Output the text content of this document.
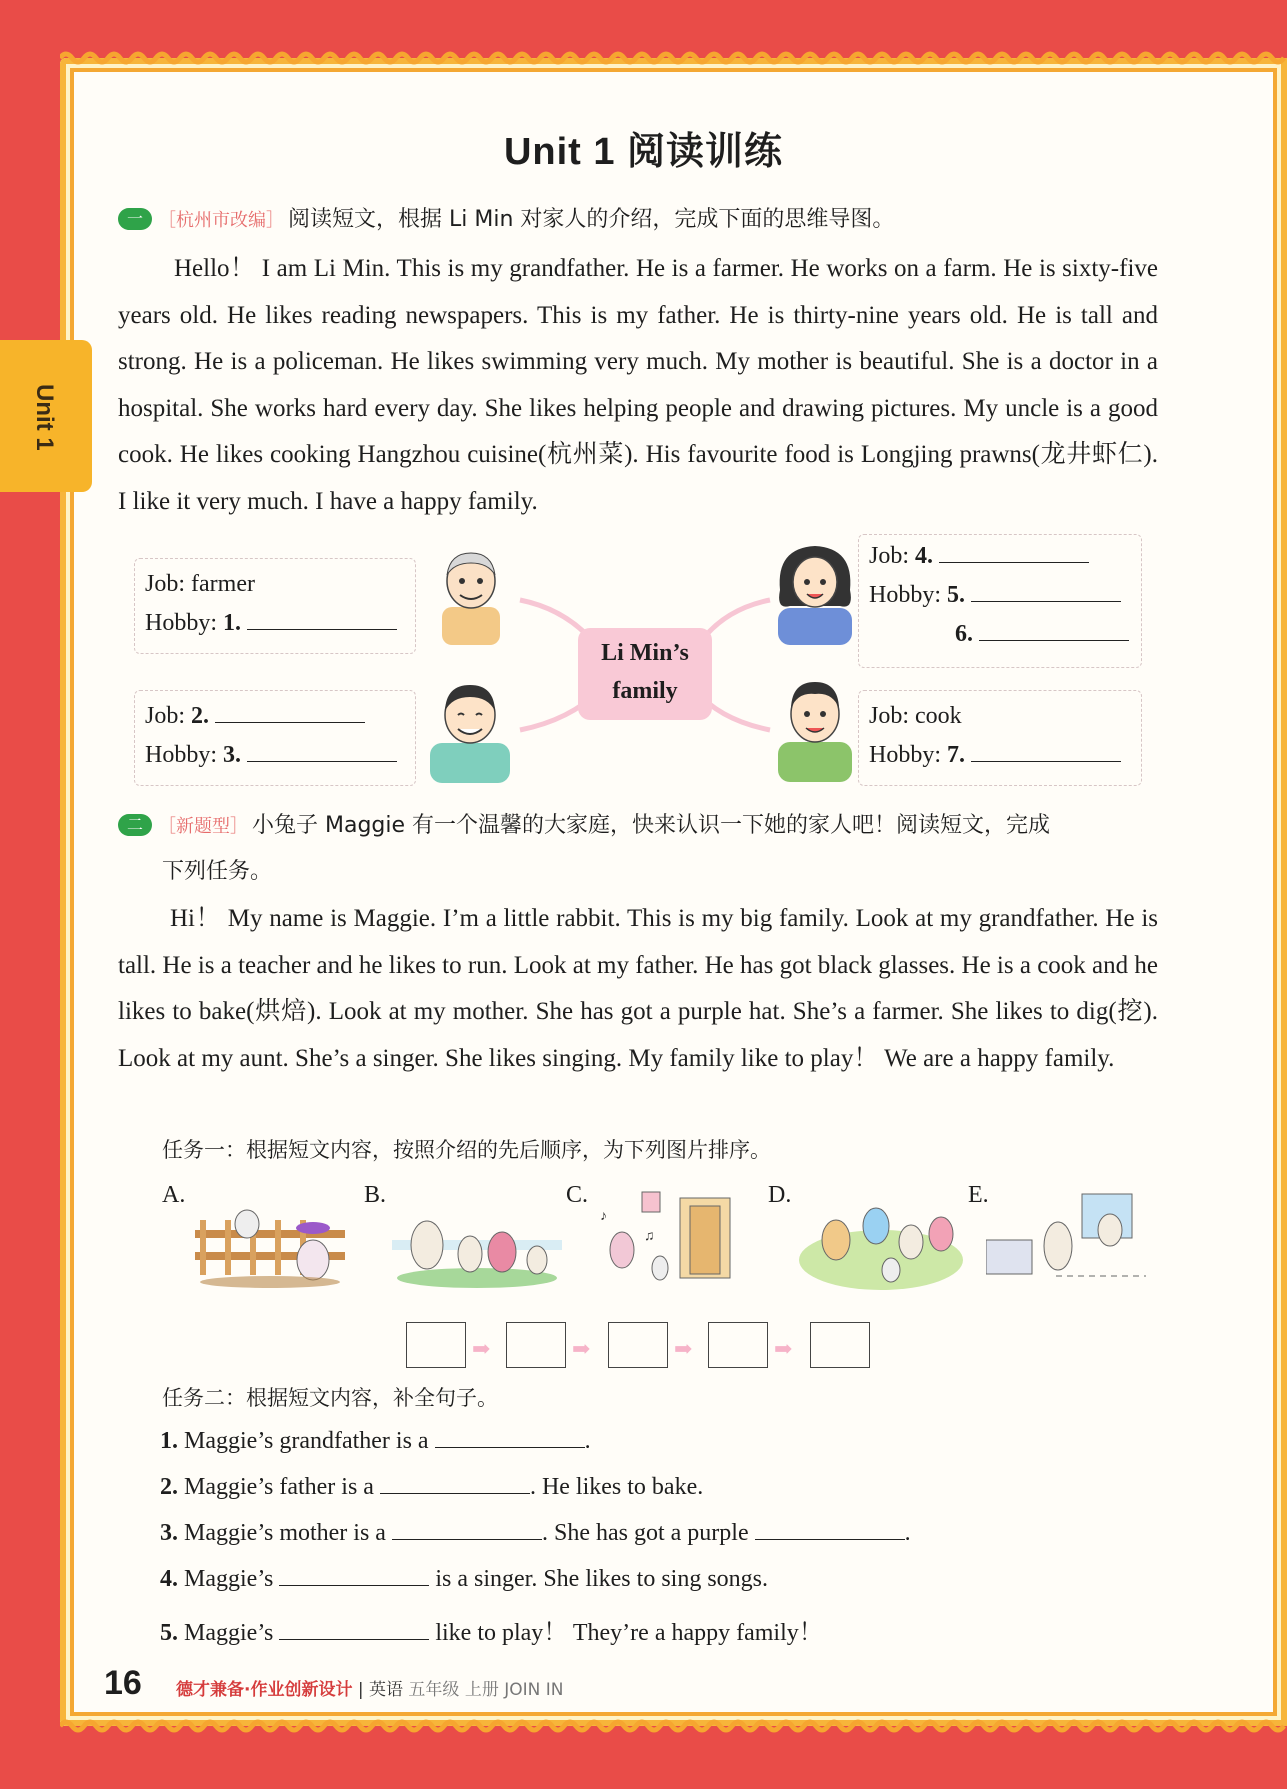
Unit 1
Unit 1 阅读训练
一 ［杭州市改编］ 阅读短文，根据 Li Min 对家人的介绍，完成下面的思维导图。
Hello！ I am Li Min. This is my grandfather. He is a farmer. He works on a farm. He is sixty-five years old. He likes reading newspapers. This is my father. He is thirty-nine years old. He is tall and strong. He is a policeman. He likes swimming very much. My mother is beautiful. She is a doctor in a hospital. She works hard every day. She likes helping people and drawing pictures. My uncle is a good cook. He likes cooking Hangzhou cuisine(杭州菜). His favourite food is Longjing prawns(龙井虾仁). I like it very much. I have a happy family.
Job: farmer
Hobby: 1.
Job: 2.
Hobby: 3.
Job: 4.
Hobby: 5.
6.
Job: cook
Hobby: 7.
Li Min’s
family
二 ［新题型］ 小兔子 Maggie 有一个温馨的大家庭，快来认识一下她的家人吧！阅读短文，完成
下列任务。
Hi！ My name is Maggie. I’m a little rabbit. This is my big family. Look at my grandfather. He is tall. He is a teacher and he likes to run. Look at my father. He has got black glasses. He is a cook and he likes to bake(烘焙). Look at my mother. She has got a purple hat. She’s a farmer. She likes to dig(挖). Look at my aunt. She’s a singer. She likes singing. My family like to play！ We are a happy family.
任务一：根据短文内容，按照介绍的先后顺序，为下列图片排序。
A.	B.	C.	D.	E.
♪
♫
➡	➡	➡	➡
任务二：根据短文内容，补全句子。
1. Maggie’s grandfather is a	.
2. Maggie’s father is a	. He likes to bake.
3. Maggie’s mother is a	. She has got a purple	.
4. Maggie’s	is a singer. She likes to sing songs.
5. Maggie’s	like to play！ They’re a happy family！
16 德才兼备·作业创新设计 | 英语 五年级 上册 JOIN IN
